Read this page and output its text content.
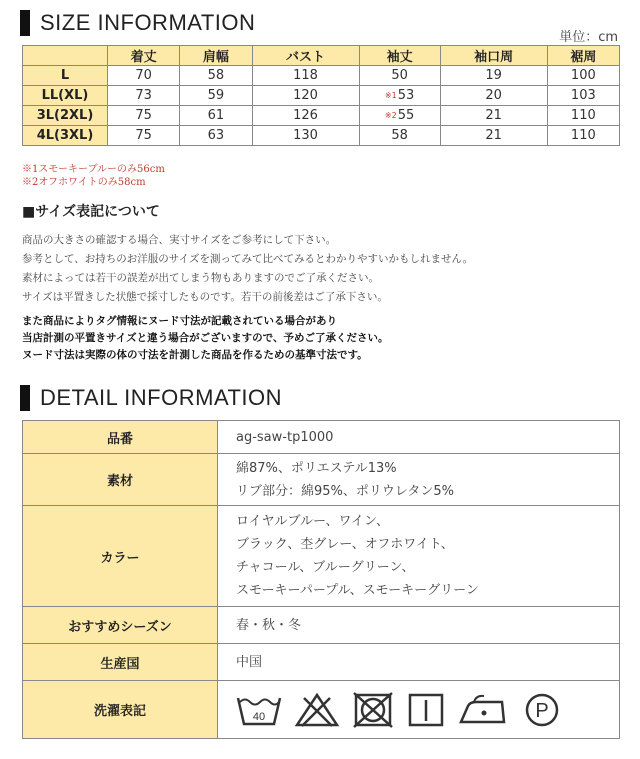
SIZE INFORMATION
単位：cm
	着丈	肩幅	バスト	袖丈	袖口周	裾周
L	70	58	118	50	19	100
LL(XL)	73	59	120	※153	20	103
3L(2XL)	75	61	126	※255	21	110
4L(3XL)	75	63	130	58	21	110
※1スモーキーブルーのみ56cm
※2オフホワイトのみ58cm
■サイズ表記について
商品の大きさの確認する場合、実寸サイズをご参考にして下さい。
参考として、お持ちのお洋服のサイズを測ってみて比べてみるとわかりやすいかもしれません。
素材によっては若干の誤差が出てしまう物もありますのでご了承ください。
サイズは平置きした状態で採寸したものです。若干の前後差はご了承下さい。
また商品によりタグ情報にヌード寸法が記載されている場合があり
当店計測の平置きサイズと違う場合がございますので、予めご了承ください。
ヌード寸法は実際の体の寸法を計測した商品を作るための基準寸法です。
DETAIL INFORMATION
品番	ag-saw-tp1000

素材	綿87%、ポリエステル13%
リブ部分：綿95%、ポリウレタン5%

カラー	ロイヤルブルー、ワイン、
ブラック、杢グレー、オフホワイト、
チャコール、ブルーグリーン、
スモーキーパープル、スモーキーグリーン

おすすめシーズン	春・秋・冬

生産国	中国

洗濯表記	40 P
